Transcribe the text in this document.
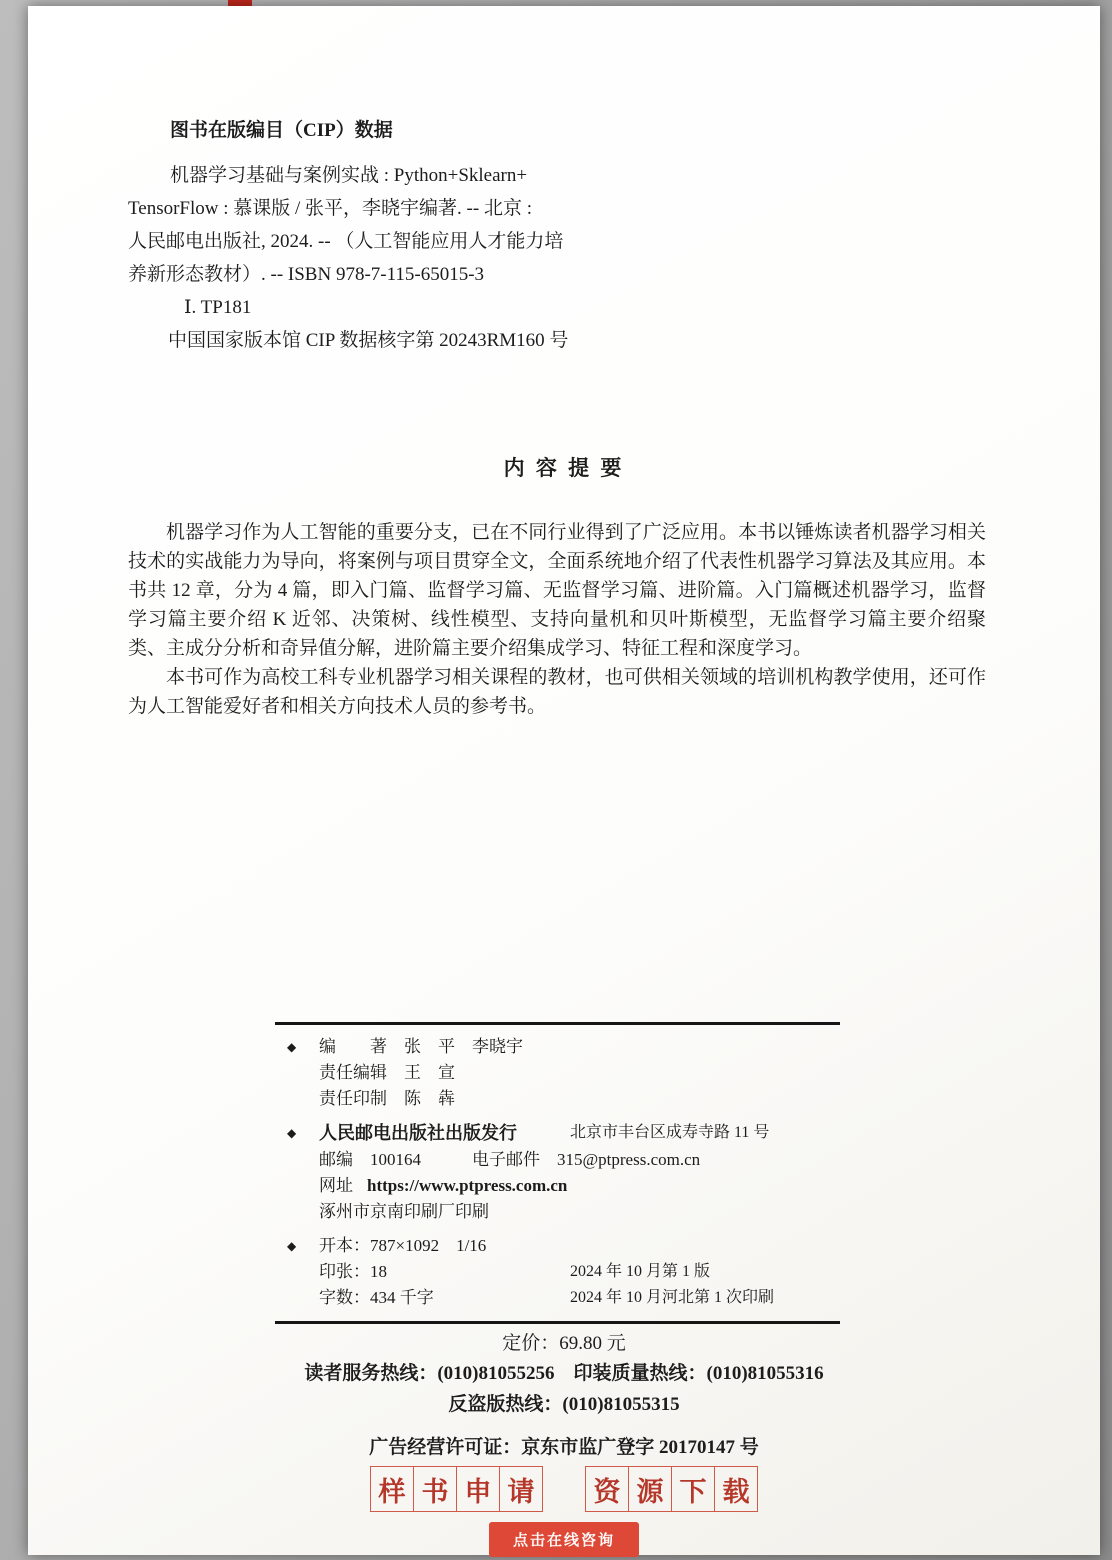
图书在版编目（CIP）数据
机器学习基础与案例实战 : Python+Sklearn+
TensorFlow : 慕课版 / 张平，李晓宇编著. -- 北京 :
人民邮电出版社, 2024. -- （人工智能应用人才能力培
养新形态教材）. -- ISBN 978-7-115-65015-3
Ⅰ. TP181
中国国家版本馆 CIP 数据核字第 20243RM160 号
内 容 提 要

机器学习作为人工智能的重要分支，已在不同行业得到了广泛应用。本书以锤炼读者机器学习相关技术的实战能力为导向，将案例与项目贯穿全文，全面系统地介绍了代表性机器学习算法及其应用。本书共 12 章，分为 4 篇，即入门篇、监督学习篇、无监督学习篇、进阶篇。入门篇概述机器学习，监督学习篇主要介绍 K 近邻、决策树、线性模型、支持向量机和贝叶斯模型，无监督学习篇主要介绍聚类、主成分分析和奇异值分解，进阶篇主要介绍集成学习、特征工程和深度学习。

本书可作为高校工科专业机器学习相关课程的教材，也可供相关领域的培训机构教学使用，还可作为人工智能爱好者和相关方向技术人员的参考书。

◆ 编　　著　张　平　李晓宇
责任编辑　王　宣
责任印制　陈　犇
◆ 人民邮电出版社出版发行	北京市丰台区成寿寺路 11 号
邮编　100164　　　电子邮件　315@ptpress.com.cn
网址 https://www.ptpress.com.cn
涿州市京南印刷厂印刷
◆ 开本：787×1092　1/16
印张：18	2024 年 10 月第 1 版
字数：434 千字	2024 年 10 月河北第 1 次印刷
定价：69.80 元
读者服务热线：(010)81055256　印装质量热线：(010)81055316
反盗版热线：(010)81055315
广告经营许可证：京东市监广登字 20170147 号
样 书 申 请 资 源 下 载
点击在线咨询
